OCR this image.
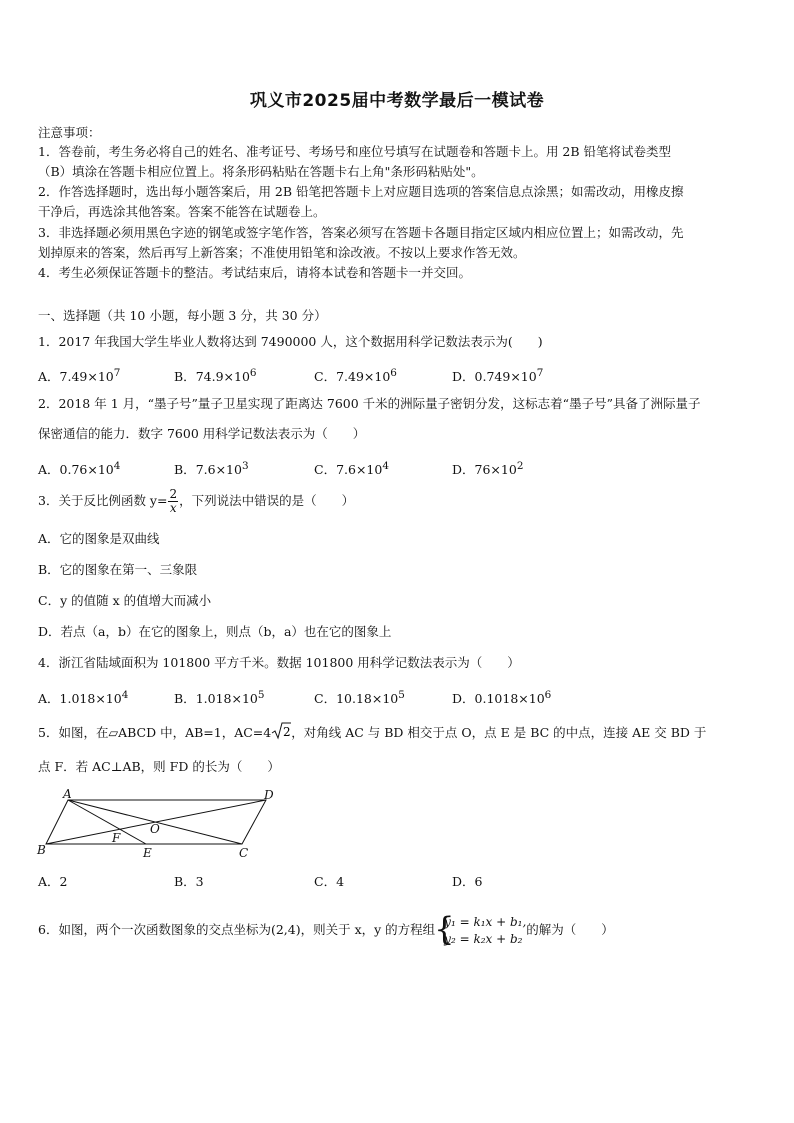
巩义市2025届中考数学最后一模试卷
注意事项：
1．答卷前，考生务必将自己的姓名、准考证号、考场号和座位号填写在试题卷和答题卡上。用 2B 铅笔将试卷类型
（B）填涂在答题卡相应位置上。将条形码粘贴在答题卡右上角"条形码粘贴处"。
2．作答选择题时，选出每小题答案后，用 2B 铅笔把答题卡上对应题目选项的答案信息点涂黑；如需改动，用橡皮擦
干净后，再选涂其他答案。答案不能答在试题卷上。
3．非选择题必须用黑色字迹的钢笔或签字笔作答，答案必须写在答题卡各题目指定区域内相应位置上；如需改动，先
划掉原来的答案，然后再写上新答案；不准使用铅笔和涂改液。不按以上要求作答无效。
4．考生必须保证答题卡的整洁。考试结束后，请将本试卷和答题卡一并交回。
一、选择题（共 10 小题，每小题 3 分，共 30 分）
1．2017 年我国大学生毕业人数将达到 7490000 人，这个数据用科学记数法表示为(　　)
A．$7.49\times 10^7$	B．$74.9\times 10^6$	C．$7.49\times 10^6$	D．$0.749\times 10^7$
2．2018 年 1 月，“墨子号”量子卫星实现了距离达 7600 千米的洲际量子密钥分发，这标志着“墨子号”具备了洲际量子
保密通信的能力．数字 7600 用科学记数法表示为（　　）
A．$0.76\times 10^4$	B．$7.6\times 10^3$	C．$7.6\times 10^4$	D．$76\times 10^2$
3．关于反比例函数 $y= \frac{2}{x}$ ，下列说法中错误的是（　　）
A．它的图象是双曲线
B．它的图象在第一、三象限
C．y 的值随 x 的值增大而减小
D．若点（a，b）在它的图象上，则点（b，a）也在它的图象上
4．浙江省陆域面积为 101800 平方千米。数据 101800 用科学记数法表示为（　　）
A．$1.018\times 10^4$	B．$1.018\times 10^5$	C．$10.18\times 10^5$	D．$0.1018\times 10^6$
5．如图，在▱ABCD 中，AB=1，AC=4 2 ，对角线 AC 与 BD 相交于点 O，点 E 是 BC 的中点，连接 AE 交 BD 于
点 F．若 AC⊥AB，则 FD 的长为（　　）
A	D
B	C
E
F
O
A．2	B．3	C．4	D．6
6．如图，两个一次函数图象的交点坐标为(2,4)，则关于 x，y 的方程组 {
y₁ = k₁x + b₁,
y₂ = k₂x + b₂
的解为（　　）
